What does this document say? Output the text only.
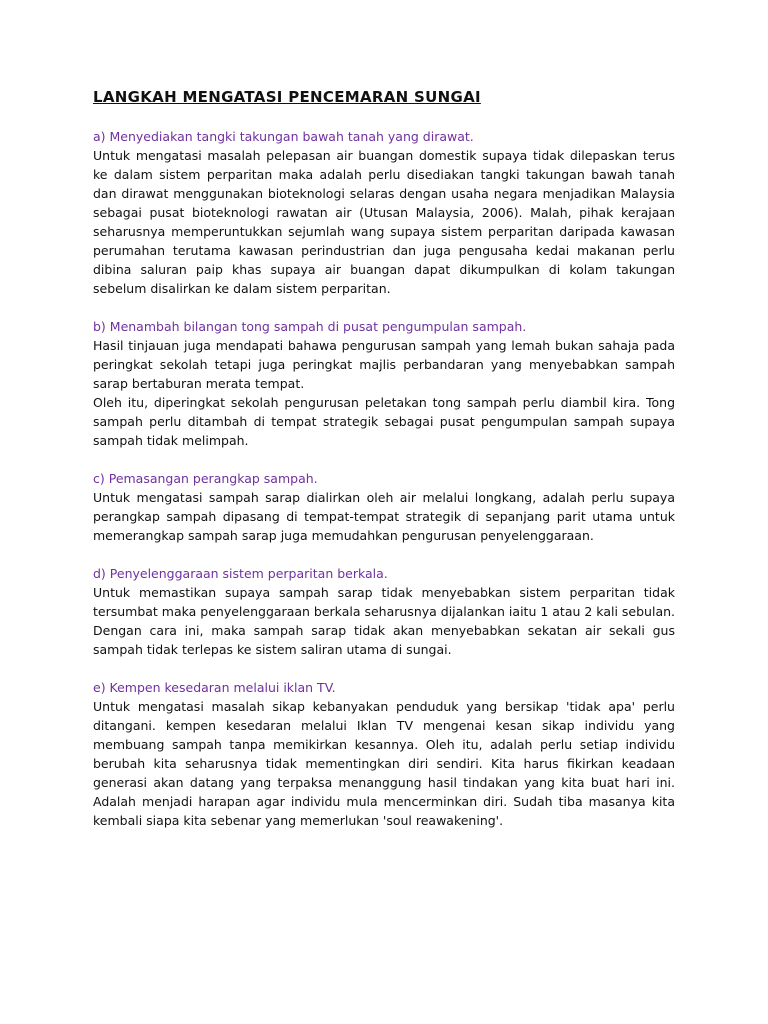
LANGKAH MENGATASI PENCEMARAN SUNGAI

a) Menyediakan tangki takungan bawah tanah yang dirawat.

Untuk mengatasi masalah pelepasan air buangan domestik supaya tidak dilepaskan terus ke dalam sistem perparitan maka adalah perlu disediakan tangki takungan bawah tanah dan dirawat menggunakan bioteknologi selaras dengan usaha negara menjadikan Malaysia sebagai pusat bioteknologi rawatan air (Utusan Malaysia, 2006). Malah, pihak kerajaan seharusnya memperuntukkan sejumlah wang supaya sistem perparitan daripada kawasan perumahan terutama kawasan perindustrian dan juga pengusaha kedai makanan perlu dibina saluran paip khas supaya air buangan dapat dikumpulkan di kolam takungan sebelum disalirkan ke dalam sistem perparitan.

b) Menambah bilangan tong sampah di pusat pengumpulan sampah.

Hasil tinjauan juga mendapati bahawa pengurusan sampah yang lemah bukan sahaja pada peringkat sekolah tetapi juga peringkat majlis perbandaran yang menyebabkan sampah sarap bertaburan merata tempat.

Oleh itu, diperingkat sekolah pengurusan peletakan tong sampah perlu diambil kira. Tong sampah perlu ditambah di tempat strategik sebagai pusat pengumpulan sampah supaya sampah tidak melimpah.

c) Pemasangan perangkap sampah.

Untuk mengatasi sampah sarap dialirkan oleh air melalui longkang, adalah perlu supaya perangkap sampah dipasang di tempat-tempat strategik di sepanjang parit utama untuk memerangkap sampah sarap juga memudahkan pengurusan penyelenggaraan.

d) Penyelenggaraan sistem perparitan berkala.

Untuk memastikan supaya sampah sarap tidak menyebabkan sistem perparitan tidak tersumbat maka penyelenggaraan berkala seharusnya dijalankan iaitu 1 atau 2 kali sebulan. Dengan cara ini, maka sampah sarap tidak akan menyebabkan sekatan air sekali gus sampah tidak terlepas ke sistem saliran utama di sungai.

e) Kempen kesedaran melalui iklan TV.

Untuk mengatasi masalah sikap kebanyakan penduduk yang bersikap 'tidak apa' perlu ditangani. kempen kesedaran melalui Iklan TV mengenai kesan sikap individu yang membuang sampah tanpa memikirkan kesannya. Oleh itu, adalah perlu setiap individu berubah kita seharusnya tidak mementingkan diri sendiri. Kita harus fikirkan keadaan generasi akan datang yang terpaksa menanggung hasil tindakan yang kita buat hari ini. Adalah menjadi harapan agar individu mula mencerminkan diri. Sudah tiba masanya kita kembali siapa kita sebenar yang memerlukan 'soul reawakening'.
